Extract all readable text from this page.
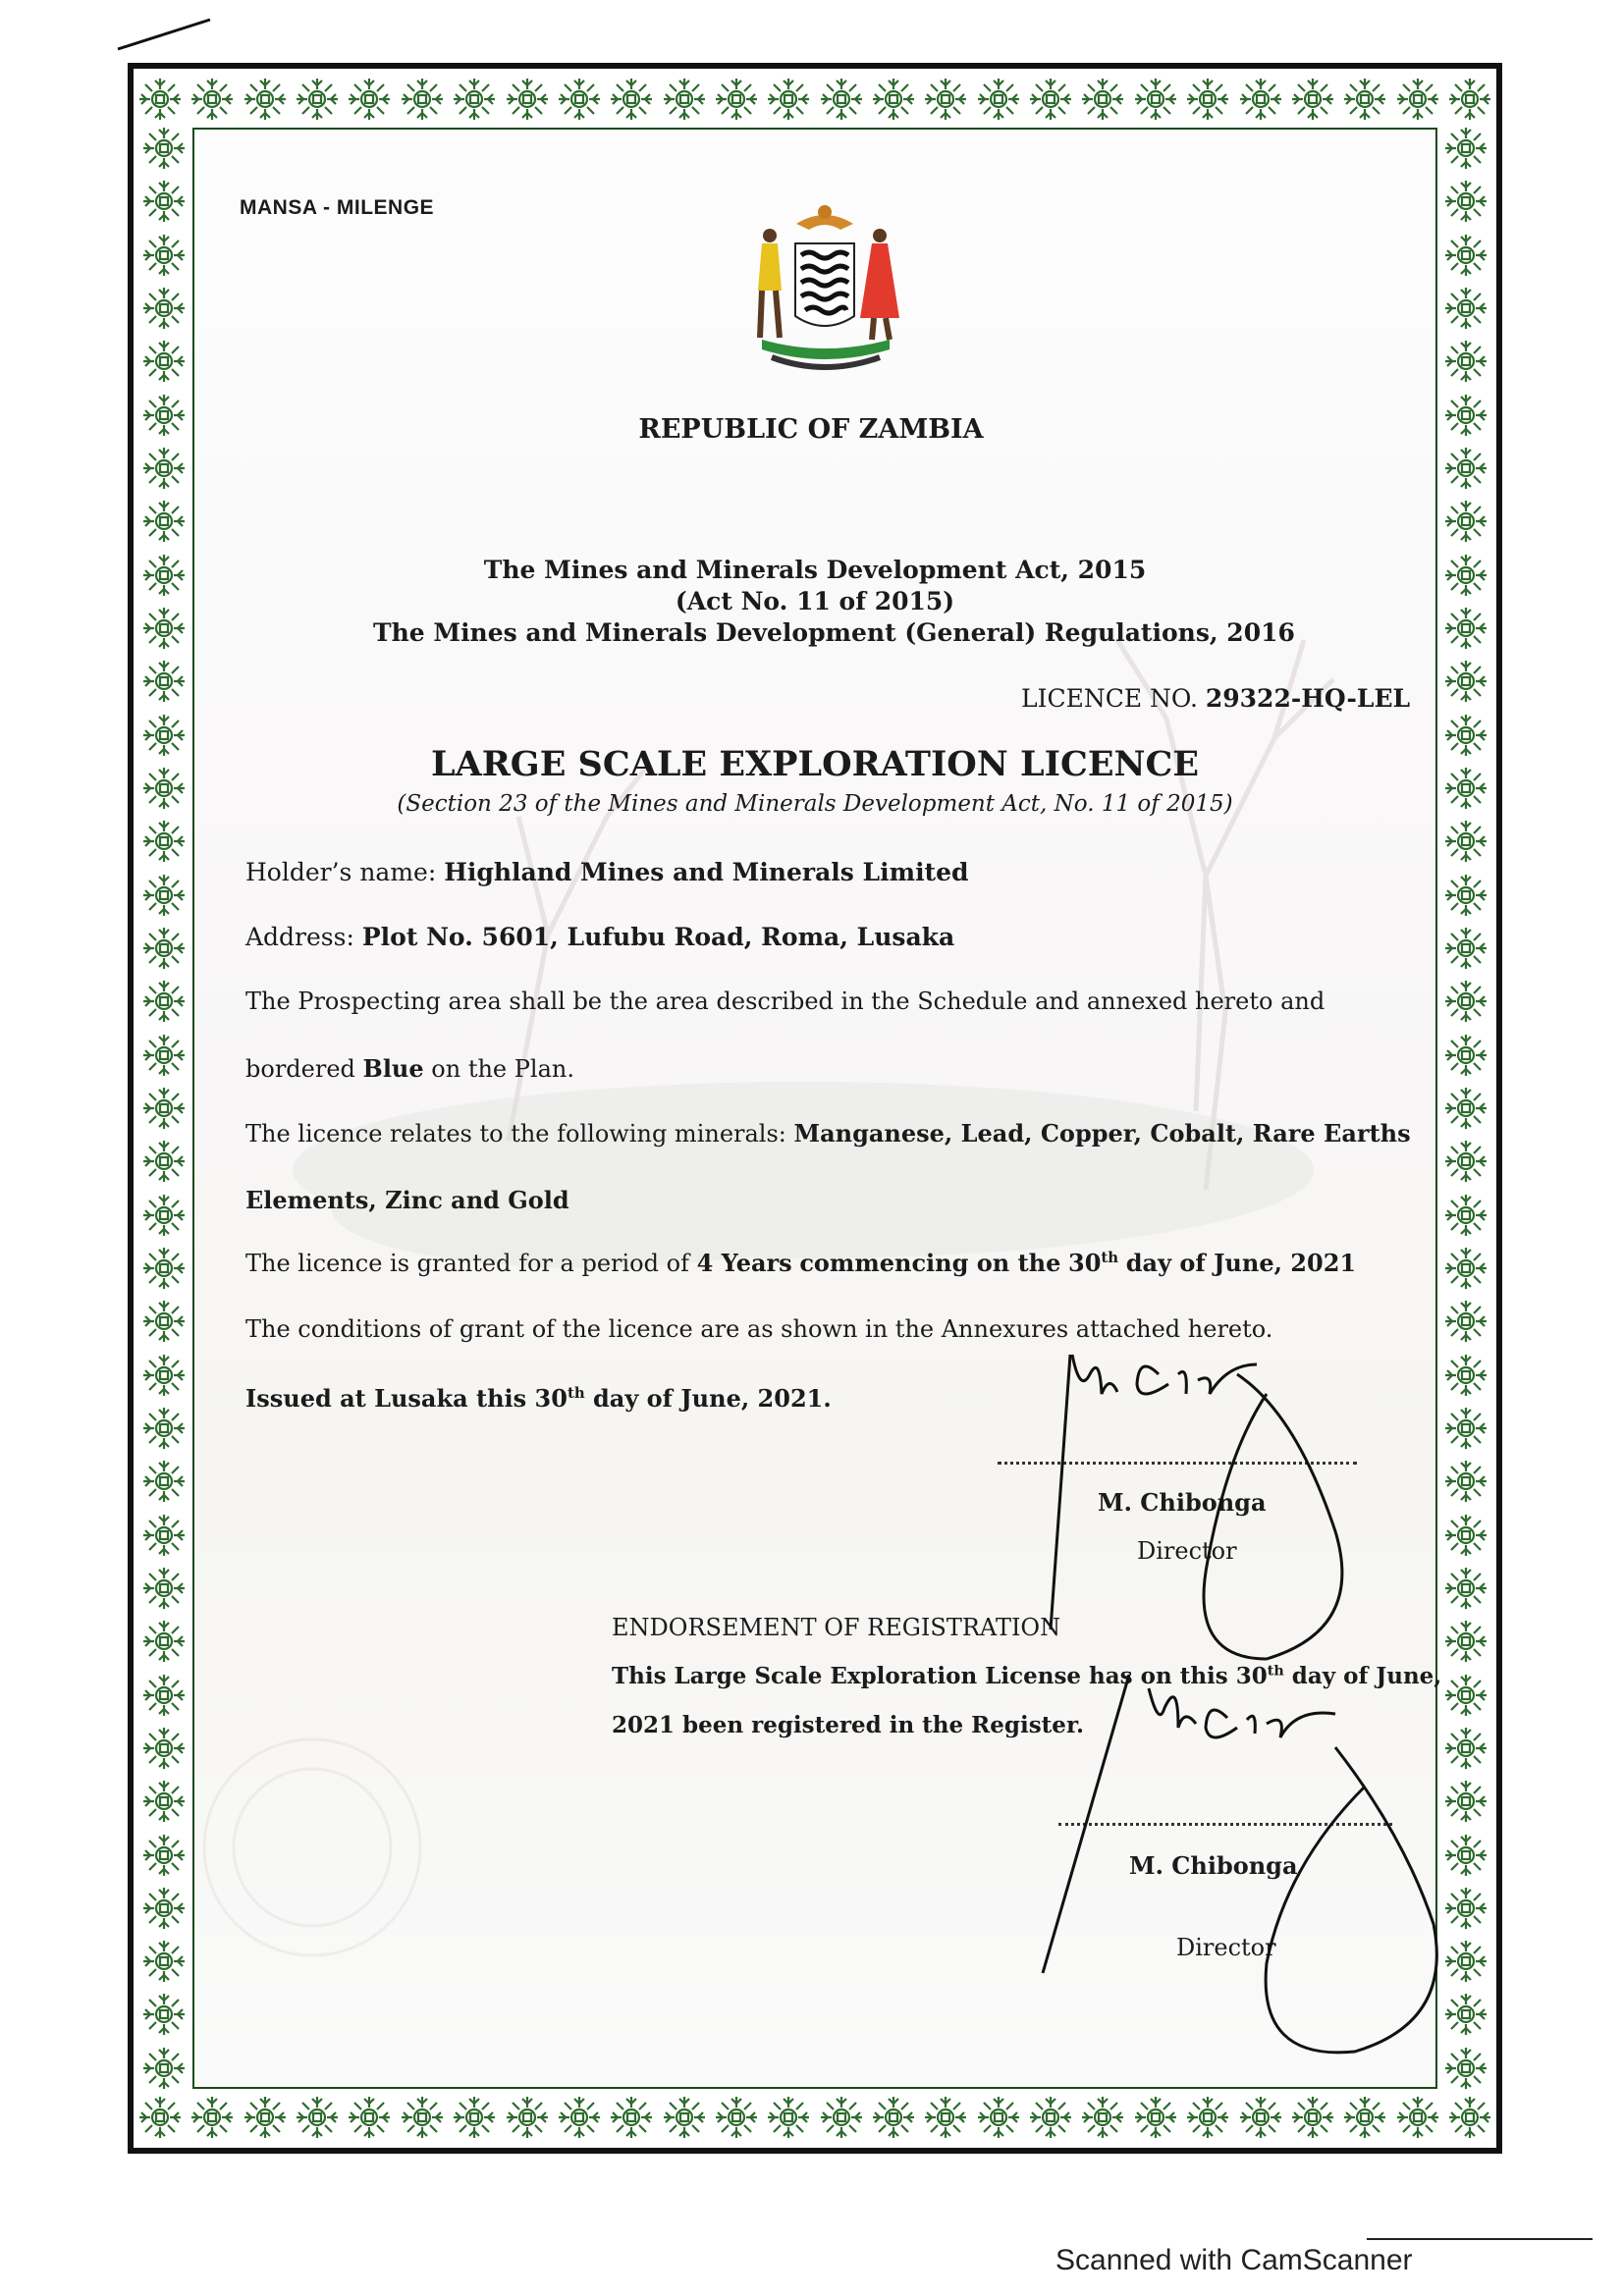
MANSA - MILENGE
REPUBLIC OF ZAMBIA
The Mines and Minerals Development Act, 2015
(Act No. 11 of 2015)
The Mines and Minerals Development (General) Regulations, 2016
LICENCE NO. 29322-HQ-LEL
LARGE SCALE EXPLORATION LICENCE
(Section 23 of the Mines and Minerals Development Act, No. 11 of 2015)
Holder’s name: Highland Mines and Minerals Limited
Address: Plot No. 5601, Lufubu Road, Roma, Lusaka
The Prospecting area shall be the area described in the Schedule and annexed hereto and
bordered Blue on the Plan.
The licence relates to the following minerals: Manganese, Lead, Copper, Cobalt, Rare Earths
Elements, Zinc and Gold
The licence is granted for a period of 4 Years commencing on the 30th day of June, 2021
The conditions of grant of the licence are as shown in the Annexures attached hereto.
Issued at Lusaka this 30th day of June, 2021.
M. Chibonga
Director
ENDORSEMENT OF REGISTRATION
This Large Scale Exploration License has on this 30th day of June,
2021 been registered in the Register.
M. Chibonga
Director
Scanned with CamScanner
